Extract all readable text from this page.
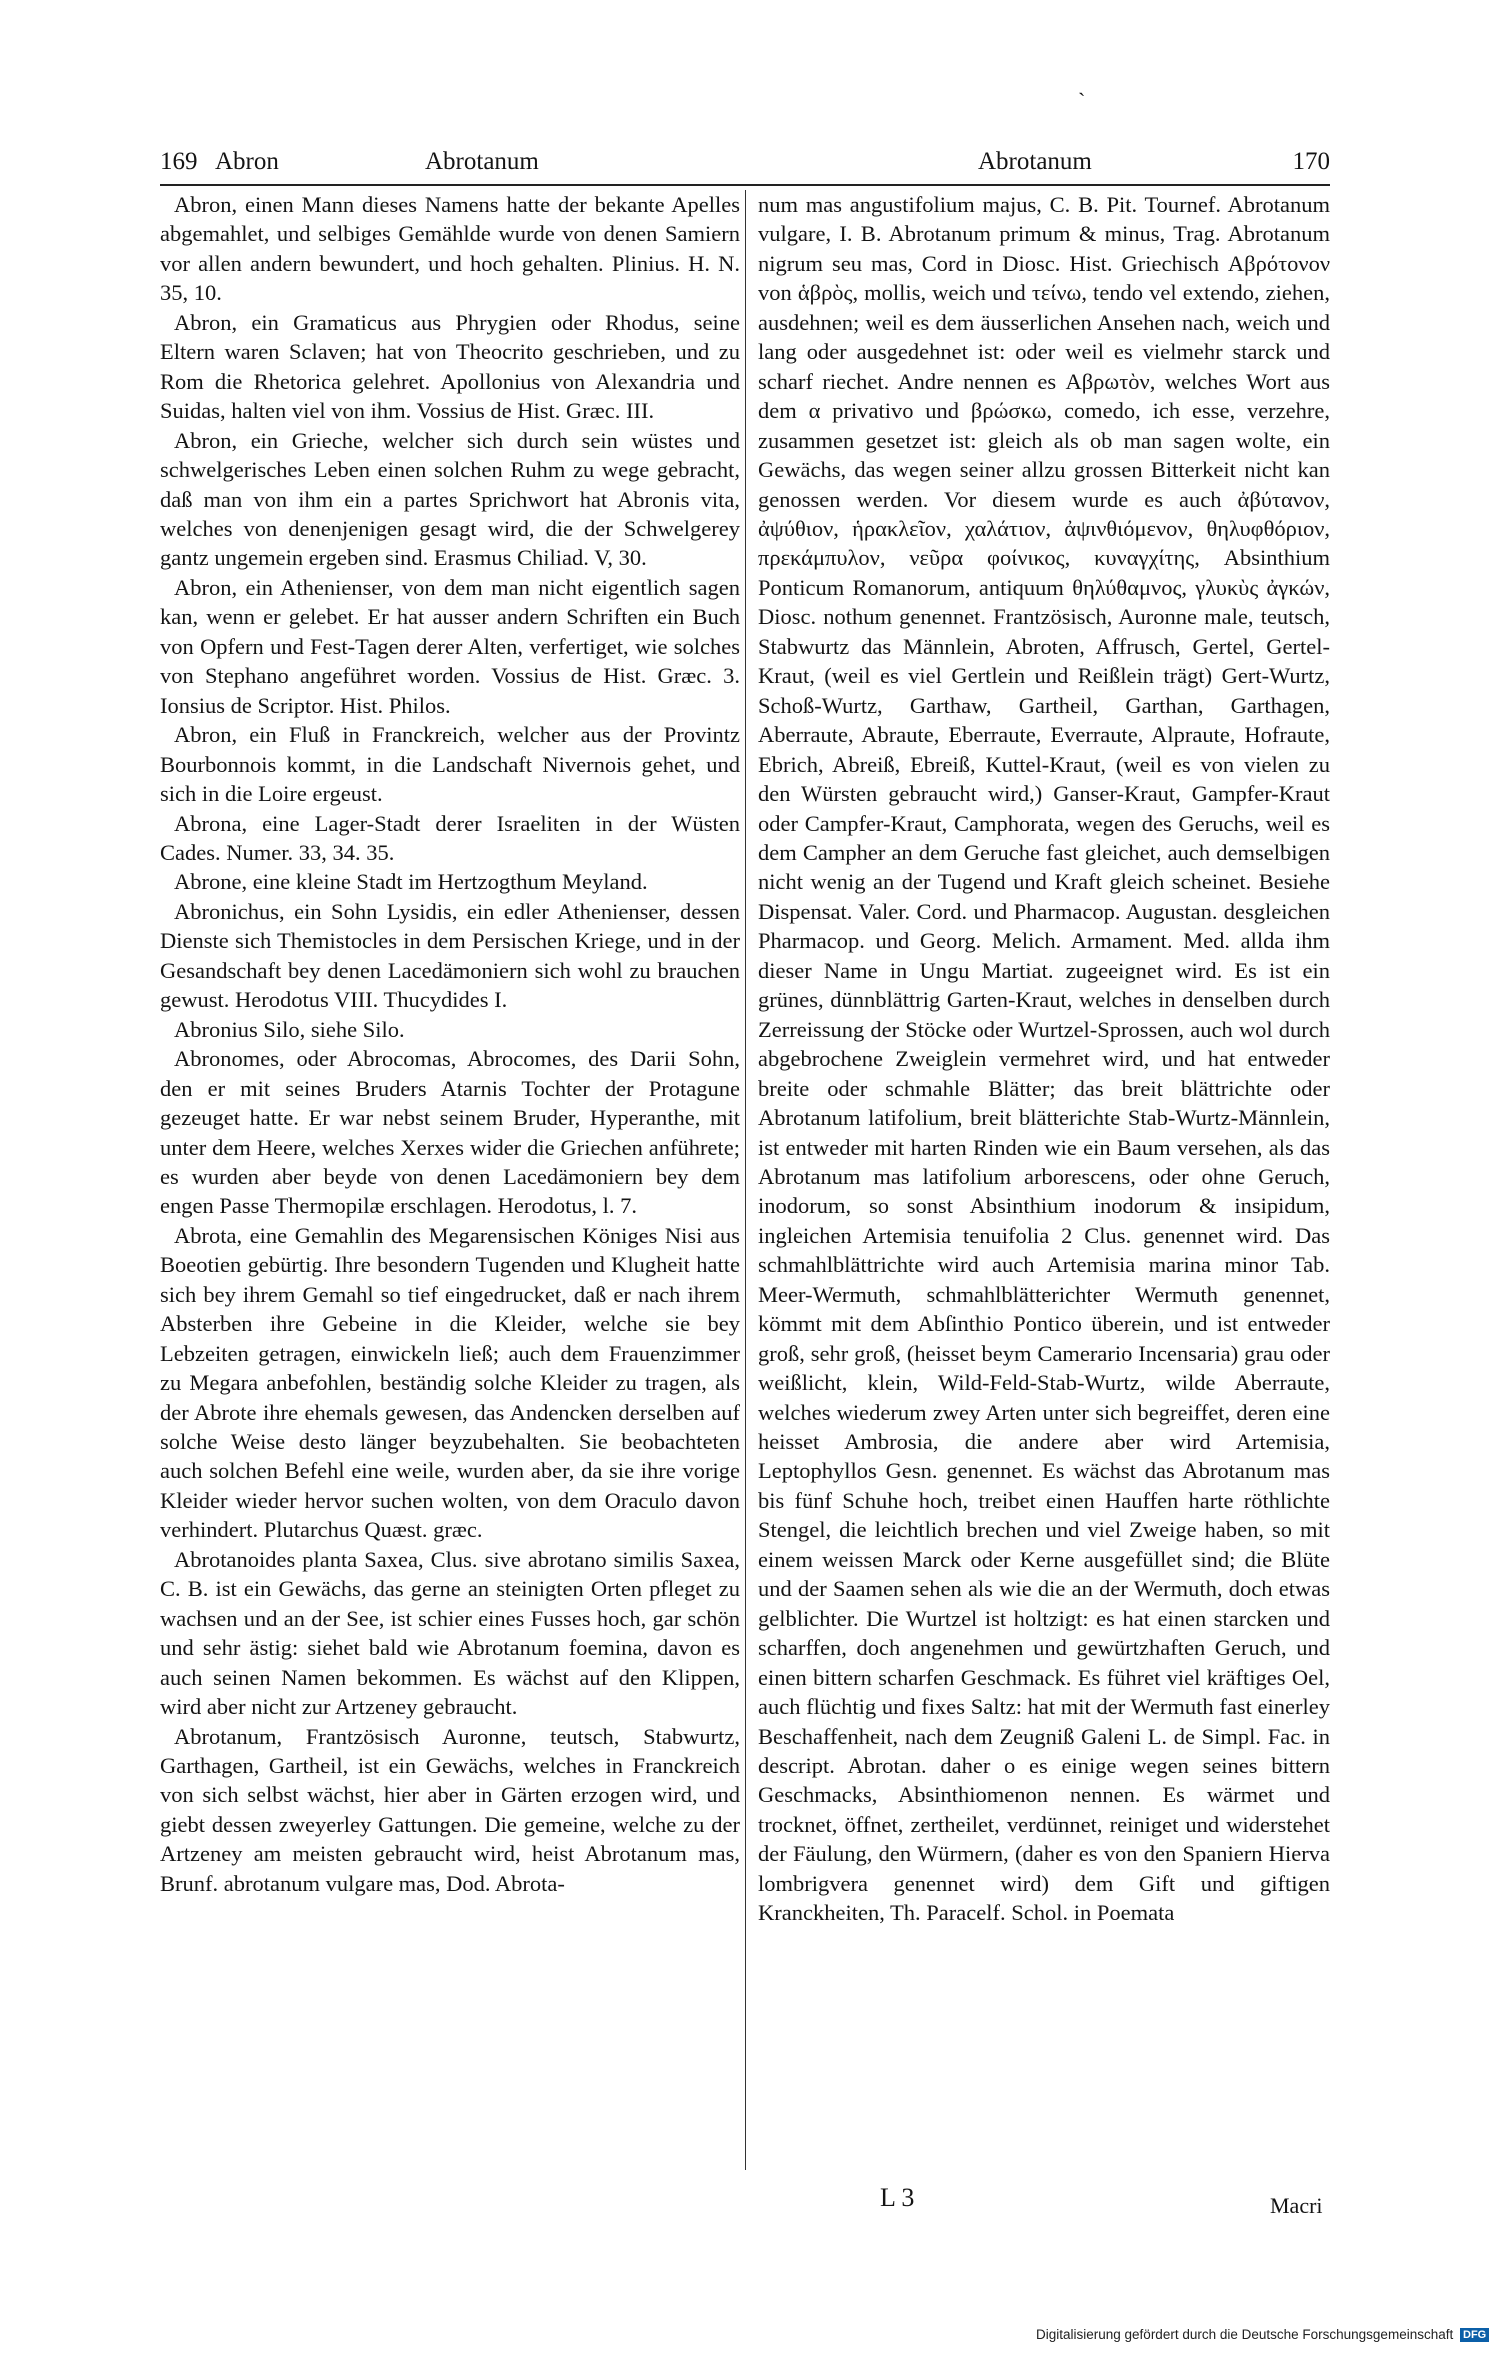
`
169 Abron	Abrotanum	Abrotanum	170

Abron, einen Mann dieses Namens hatte der bekante Apelles abgemahlet, und selbiges Gemählde wurde von denen Samiern vor allen andern bewundert, und hoch gehalten. Plinius. H. N. 35, 10.

Abron, ein Gramaticus aus Phrygien oder Rhodus, seine Eltern waren Sclaven; hat von Theocrito geschrieben, und zu Rom die Rhetorica gelehret. Apollonius von Alexandria und Suidas, halten viel von ihm. Vossius de Hist. Græc. III.

Abron, ein Grieche, welcher sich durch sein wüstes und schwelgerisches Leben einen solchen Ruhm zu wege gebracht, daß man von ihm ein a partes Sprichwort hat Abronis vita, welches von denenjenigen gesagt wird, die der Schwelgerey gantz ungemein ergeben sind. Erasmus Chiliad. V, 30.

Abron, ein Athenienser, von dem man nicht eigentlich sagen kan, wenn er gelebet. Er hat ausser andern Schriften ein Buch von Opfern und Fest-Tagen derer Alten, verfertiget, wie solches von Stephano angeführet worden. Vossius de Hist. Græc. 3. Ionsius de Scriptor. Hist. Philos.

Abron, ein Fluß in Franckreich, welcher aus der Provintz Bourbonnois kommt, in die Landschaft Nivernois gehet, und sich in die Loire ergeust.

Abrona, eine Lager-Stadt derer Israeliten in der Wüsten Cades. Numer. 33, 34. 35.

Abrone, eine kleine Stadt im Hertzogthum Meyland.

Abronichus, ein Sohn Lysidis, ein edler Athenienser, dessen Dienste sich Themistocles in dem Persischen Kriege, und in der Gesandschaft bey denen Lacedämoniern sich wohl zu brauchen gewust. Herodotus VIII. Thucydides I.

Abronius Silo, siehe Silo.

Abronomes, oder Abrocomas, Abrocomes, des Darii Sohn, den er mit seines Bruders Atarnis Tochter der Protagune gezeuget hatte. Er war nebst seinem Bruder, Hyperanthe, mit unter dem Heere, welches Xerxes wider die Griechen anführete; es wurden aber beyde von denen Lacedämoniern bey dem engen Passe Thermopilæ erschlagen. Herodotus, l. 7.

Abrota, eine Gemahlin des Megarensischen Königes Nisi aus Boeotien gebürtig. Ihre besondern Tugenden und Klugheit hatte sich bey ihrem Gemahl so tief eingedrucket, daß er nach ihrem Absterben ihre Gebeine in die Kleider, welche sie bey Lebzeiten getragen, einwickeln ließ; auch dem Frauenzimmer zu Megara anbefohlen, beständig solche Kleider zu tragen, als der Abrote ihre ehemals gewesen, das Andencken derselben auf solche Weise desto länger beyzubehalten. Sie beobachteten auch solchen Befehl eine weile, wurden aber, da sie ihre vorige Kleider wieder hervor suchen wolten, von dem Oraculo davon verhindert. Plutarchus Quæst. græc.

Abrotanoides planta Saxea, Clus. sive abrotano similis Saxea, C. B. ist ein Gewächs, das gerne an steinigten Orten pfleget zu wachsen und an der See, ist schier eines Fusses hoch, gar schön und sehr ästig: siehet bald wie Abrotanum foemina, davon es auch seinen Namen bekommen. Es wächst auf den Klippen, wird aber nicht zur Artzeney gebraucht.

Abrotanum, Frantzösisch Auronne, teutsch, Stabwurtz, Garthagen, Gartheil, ist ein Gewächs, welches in Franckreich von sich selbst wächst, hier aber in Gärten erzogen wird, und giebt dessen zweyerley Gattungen. Die gemeine, welche zu der Artzeney am meisten gebraucht wird, heist Abrotanum mas, Brunf. abrotanum vulgare mas, Dod. Abrota-

num mas angustifolium majus, C. B. Pit. Tournef. Abrotanum vulgare, I. B. Abrotanum primum & minus, Trag. Abrotanum nigrum seu mas, Cord in Diosc. Hist. Griechisch Αβρότονον von ἁβρὸς, mollis, weich und τείνω, tendo vel extendo, ziehen, ausdehnen; weil es dem äusserlichen Ansehen nach, weich und lang oder ausgedehnet ist: oder weil es vielmehr starck und scharf riechet. Andre nennen es Αβρωτὸν, welches Wort aus dem α privativo und βρώσκω, comedo, ich esse, verzehre, zusammen gesetzet ist: gleich als ob man sagen wolte, ein Gewächs, das wegen seiner allzu grossen Bitterkeit nicht kan genossen werden. Vor diesem wurde es auch ἀβύτανον, ἀψύθιον, ἡρακλεῖον, χαλάτιον, ἀψινθιόμενον, θηλυφθόριον, πρεκάμπυλον, νεῦρα φοίνικος, κυναγχίτης, Absinthium Ponticum Romanorum, antiquum θηλύθαμνος, γλυκὺς ἀγκών, Diosc. nothum genennet. Frantzösisch, Auronne male, teutsch, Stabwurtz das Männlein, Abroten, Affrusch, Gertel, Gertel-Kraut, (weil es viel Gertlein und Reißlein trägt) Gert-Wurtz, Schoß-Wurtz, Garthaw, Gartheil, Garthan, Garthagen, Aberraute, Abraute, Eberraute, Everraute, Alpraute, Hofraute, Ebrich, Abreiß, Ebreiß, Kuttel-Kraut, (weil es von vielen zu den Würsten gebraucht wird,) Ganser-Kraut, Gampfer-Kraut oder Campfer-Kraut, Camphorata, wegen des Geruchs, weil es dem Campher an dem Geruche fast gleichet, auch demselbigen nicht wenig an der Tugend und Kraft gleich scheinet. Besiehe Dispensat. Valer. Cord. und Pharmacop. Augustan. desgleichen Pharmacop. und Georg. Melich. Armament. Med. allda ihm dieser Name in Ungu Martiat. zugeeignet wird. Es ist ein grünes, dünnblättrig Garten-Kraut, welches in denselben durch Zerreissung der Stöcke oder Wurtzel-Sprossen, auch wol durch abgebrochene Zweiglein vermehret wird, und hat entweder breite oder schmahle Blätter; das breit blättrichte oder Abrotanum latifolium, breit blätterichte Stab-Wurtz-Männlein, ist entweder mit harten Rinden wie ein Baum versehen, als das Abrotanum mas latifolium arborescens, oder ohne Geruch, inodorum, so sonst Absinthium inodorum & insipidum, ingleichen Artemisia tenuifolia 2 Clus. genennet wird. Das schmahlblättrichte wird auch Artemisia marina minor Tab. Meer-Wermuth, schmahlblätterichter Wermuth genennet, kömmt mit dem Abſinthio Pontico überein, und ist entweder groß, sehr groß, (heisset beym Camerario Incensaria) grau oder weißlicht, klein, Wild-Feld-Stab-Wurtz, wilde Aberraute, welches wiederum zwey Arten unter sich begreiffet, deren eine heisset Ambrosia, die andere aber wird Artemisia, Leptophyllos Gesn. genennet. Es wächst das Abrotanum mas bis fünf Schuhe hoch, treibet einen Hauffen harte röthlichte Stengel, die leichtlich brechen und viel Zweige haben, so mit einem weissen Marck oder Kerne ausgefüllet sind; die Blüte und der Saamen sehen als wie die an der Wermuth, doch etwas gelblichter. Die Wurtzel ist holtzigt: es hat einen starcken und scharffen, doch angenehmen und gewürtzhaften Geruch, und einen bittern scharfen Geschmack. Es führet viel kräftiges Oel, auch flüchtig und fixes Saltz: hat mit der Wermuth fast einerley Beschaffenheit, nach dem Zeugniß Galeni L. de Simpl. Fac. in descript. Abrotan. daher o es einige wegen seines bittern Geschmacks, Absinthiomenon nennen. Es wärmet und trocknet, öffnet, zertheilet, verdünnet, reiniget und widerstehet der Fäulung, den Würmern, (daher es von den Spaniern Hierva lombrigvera genennet wird) dem Gift und giftigen Kranckheiten, Th. Paracelf. Schol. in Poemata

L 3	Macri
Digitalisierung gefördert durch die Deutsche Forschungsgemeinschaft DFG
